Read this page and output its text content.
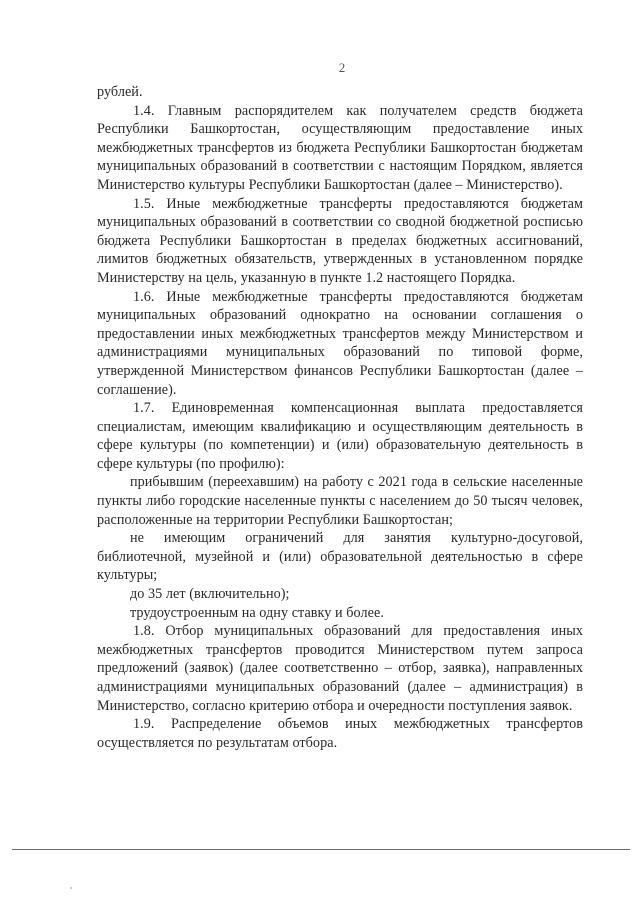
2

рублей.

1.4. Главным распорядителем как получателем средств бюджета Республики Башкортостан, осуществляющим предоставление иных межбюджетных трансфертов из бюджета Республики Башкортостан бюджетам муниципальных образований в соответствии с настоящим Порядком, является Министерство культуры Республики Башкортостан (далее – Министерство).

1.5. Иные межбюджетные трансферты предоставляются бюджетам муниципальных образований в соответствии со сводной бюджетной росписью бюджета Республики Башкортостан в пределах бюджетных ассигнований, лимитов бюджетных обязательств, утвержденных в установленном порядке Министерству на цель, указанную в пункте 1.2 настоящего Порядка.

1.6. Иные межбюджетные трансферты предоставляются бюджетам муниципальных образований однократно на основании соглашения о предоставлении иных межбюджетных трансфертов между Министерством и администрациями муниципальных образований по типовой форме, утвержденной Министерством финансов Республики Башкортостан (далее – соглашение).

1.7. Единовременная компенсационная выплата предоставляется специалистам, имеющим квалификацию и осуществляющим деятельность в сфере культуры (по компетенции) и (или) образовательную деятельность в сфере культуры (по профилю):

прибывшим (переехавшим) на работу с 2021 года в сельские населенные пункты либо городские населенные пункты с населением до 50 тысяч человек, расположенные на территории Республики Башкортостан;

не имеющим ограничений для занятия культурно-досуговой, библиотечной, музейной и (или) образовательной деятельностью в сфере культуры;

до 35 лет (включительно);

трудоустроенным на одну ставку и более.

1.8. Отбор муниципальных образований для предоставления иных межбюджетных трансфертов проводится Министерством путем запроса предложений (заявок) (далее соответственно – отбор, заявка), направленных администрациями муниципальных образований (далее – администрация) в Министерство, согласно критерию отбора и очередности поступления заявок.

1.9. Распределение объемов иных межбюджетных трансфертов осуществляется по результатам отбора.
